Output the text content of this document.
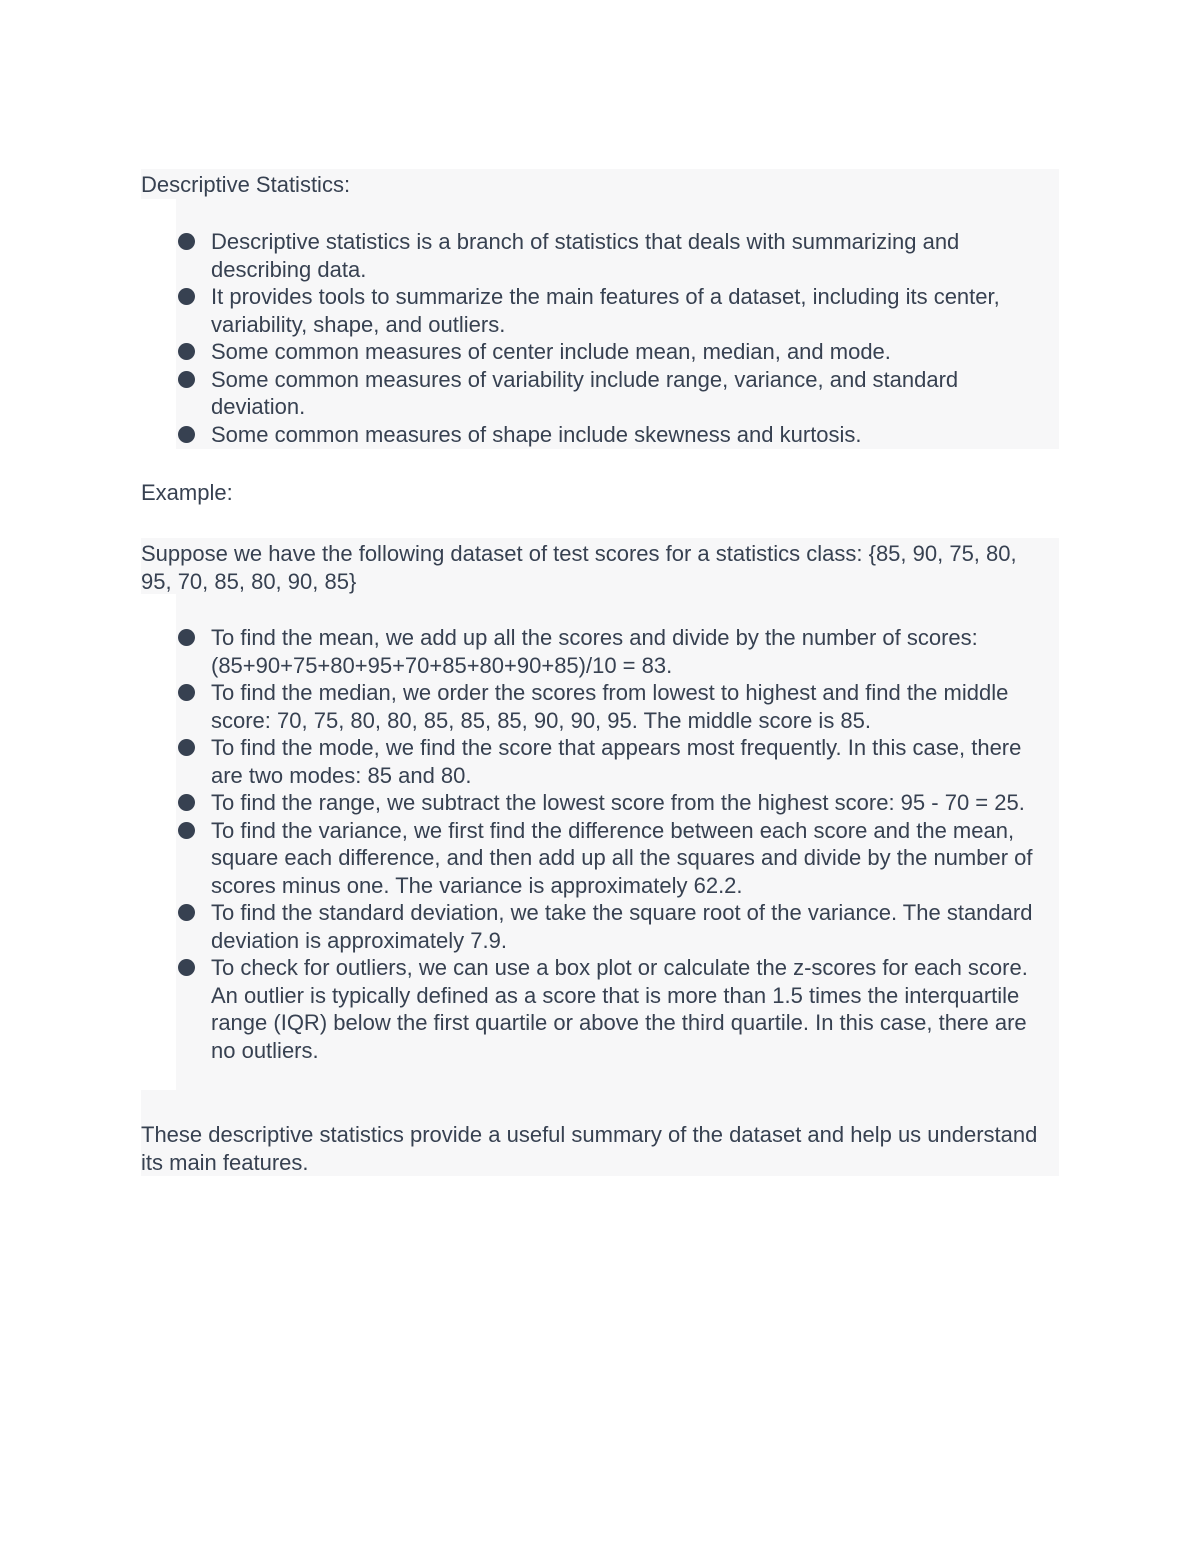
Descriptive Statistics:
Descriptive statistics is a branch of statistics that deals with summarizing and describing data.
It provides tools to summarize the main features of a dataset, including its center, variability, shape, and outliers.
Some common measures of center include mean, median, and mode.
Some common measures of variability include range, variance, and standard deviation.
Some common measures of shape include skewness and kurtosis.
Example:
Suppose we have the following dataset of test scores for a statistics class: {85, 90, 75, 80, 95, 70, 85, 80, 90, 85}
To find the mean, we add up all the scores and divide by the number of scores: (85+90+75+80+95+70+85+80+90+85)/10 = 83.
To find the median, we order the scores from lowest to highest and find the middle score: 70, 75, 80, 80, 85, 85, 85, 90, 90, 95. The middle score is 85.
To find the mode, we find the score that appears most frequently. In this case, there are two modes: 85 and 80.
To find the range, we subtract the lowest score from the highest score: 95 - 70 = 25.
To find the variance, we first find the difference between each score and the mean, square each difference, and then add up all the squares and divide by the number of scores minus one. The variance is approximately 62.2.
To find the standard deviation, we take the square root of the variance. The standard deviation is approximately 7.9.
To check for outliers, we can use a box plot or calculate the z-scores for each score. An outlier is typically defined as a score that is more than 1.5 times the interquartile range (IQR) below the first quartile or above the third quartile. In this case, there are no outliers.
These descriptive statistics provide a useful summary of the dataset and help us understand its main features.
